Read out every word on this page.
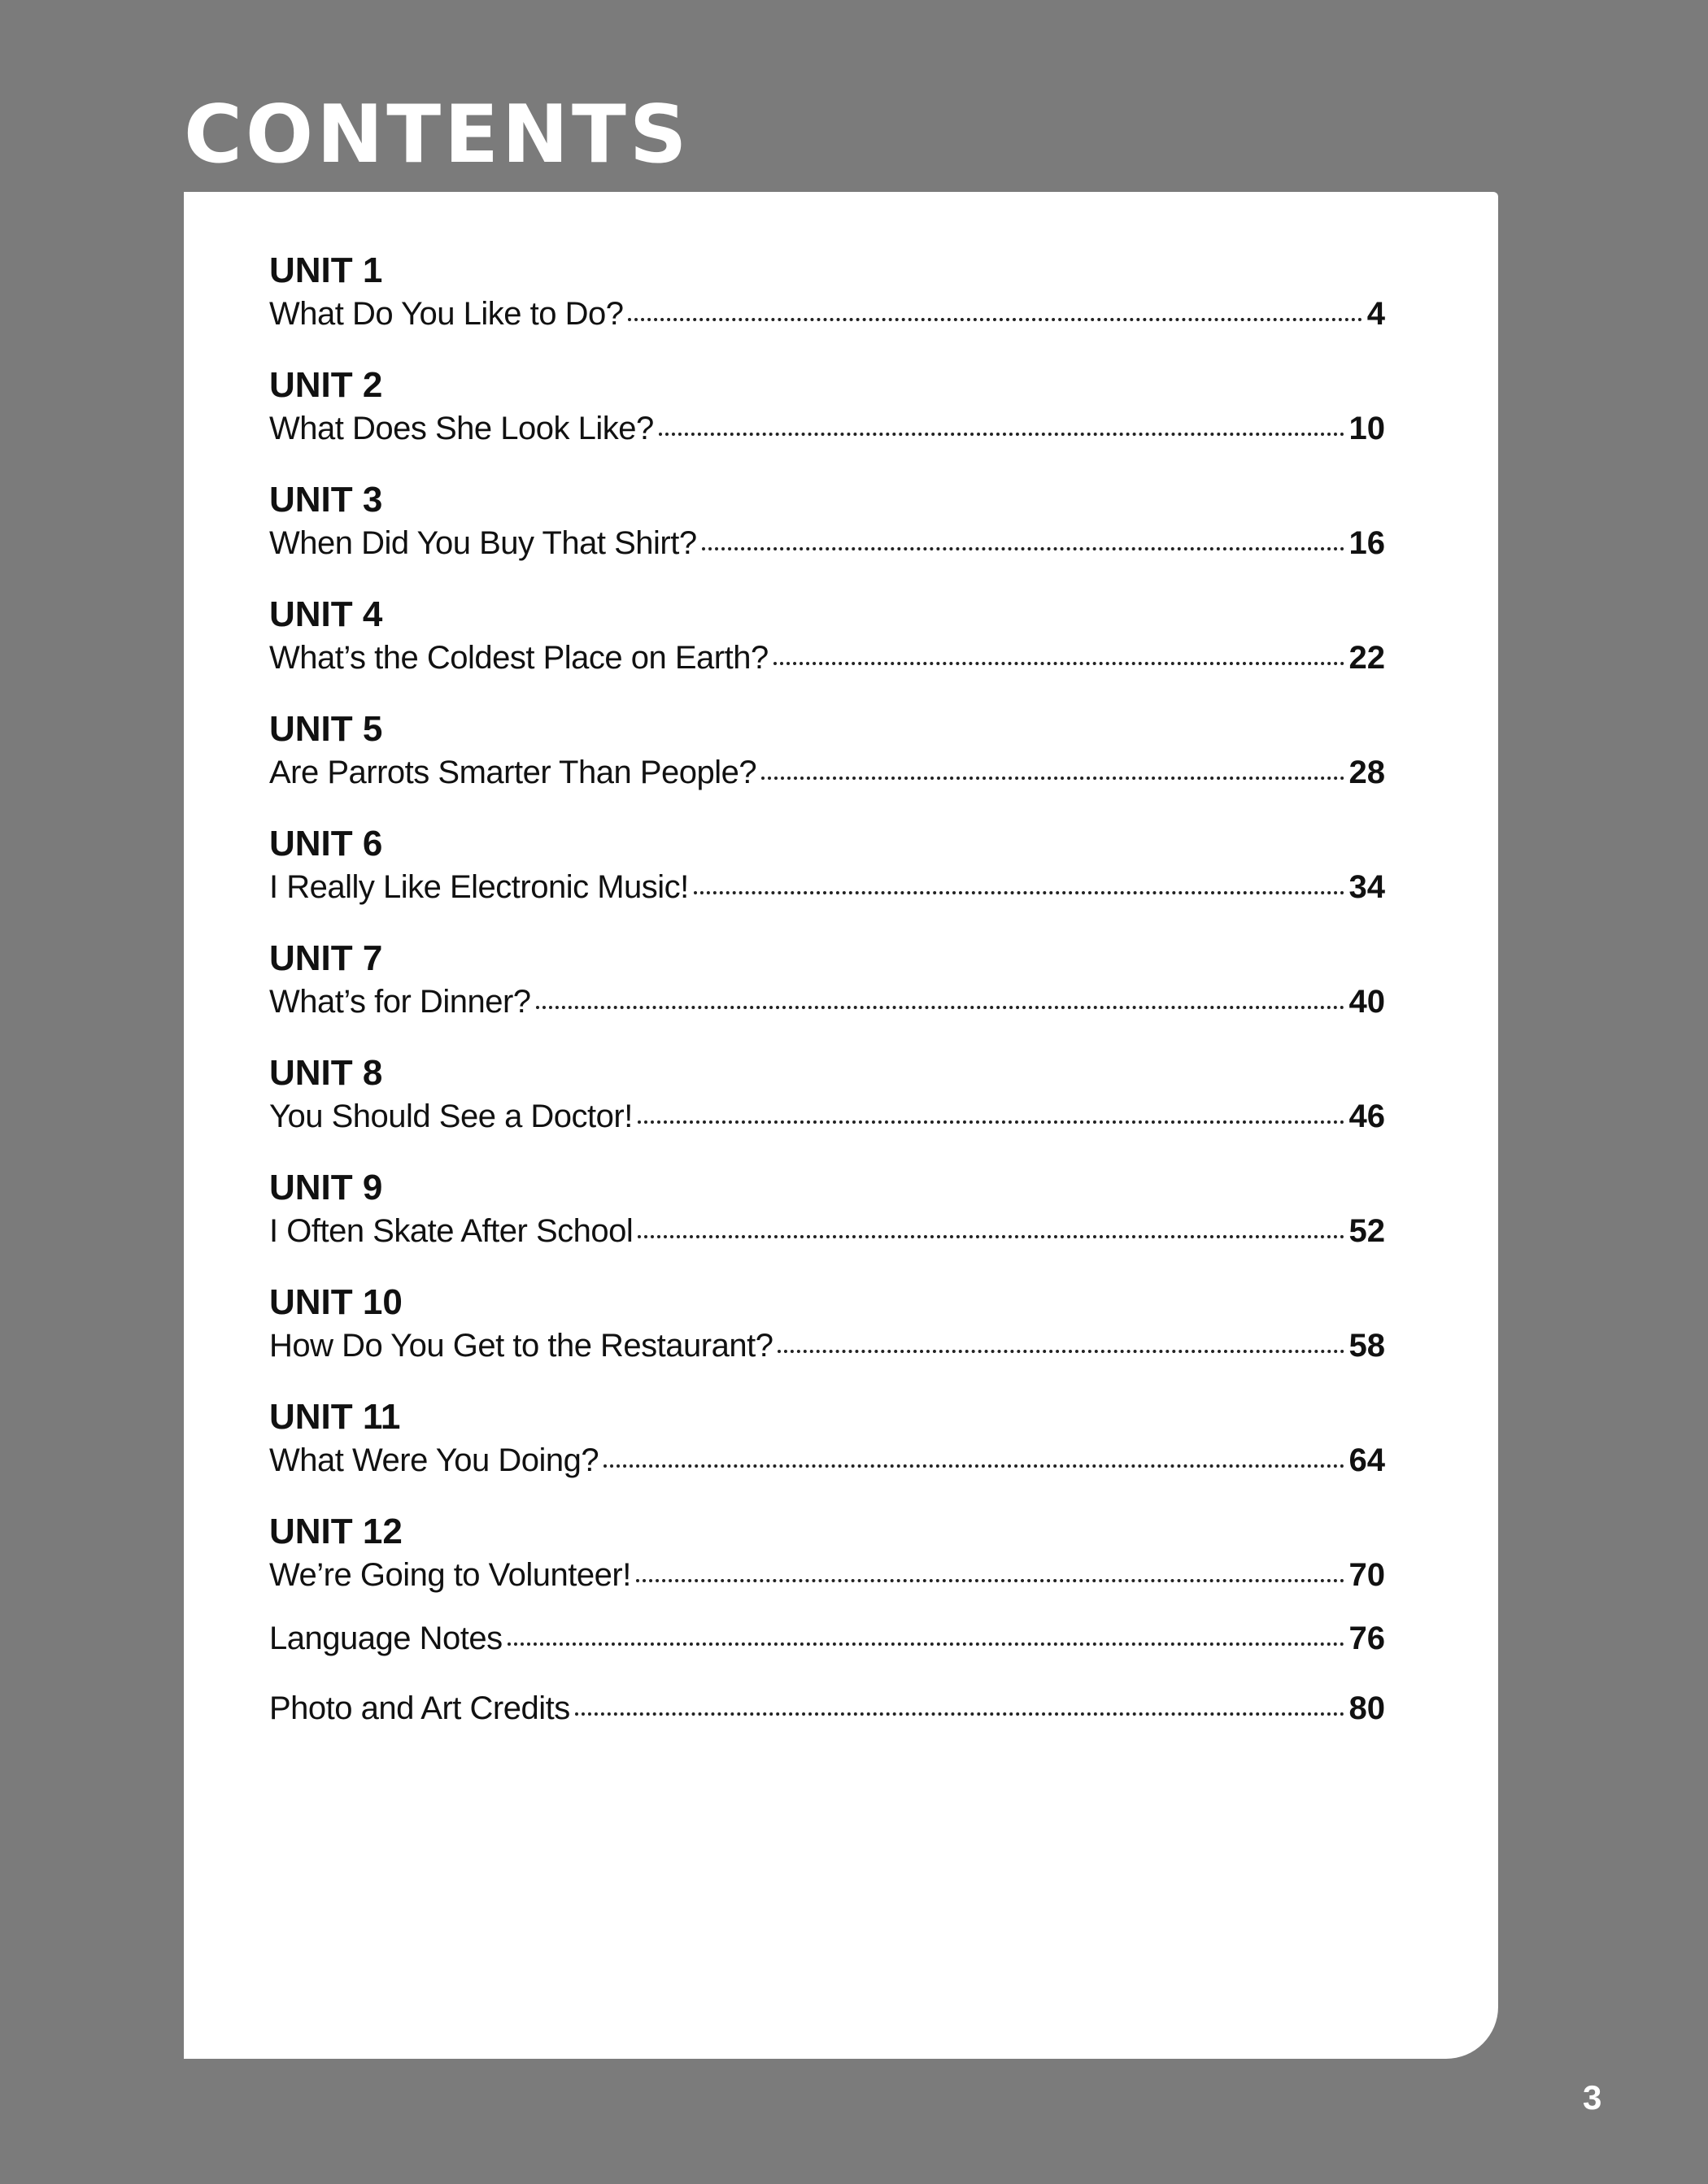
CONTENTS
UNIT 1
What Do You Like to Do?	4
UNIT 2
What Does She Look Like?	10
UNIT 3
When Did You Buy That Shirt?	16
UNIT 4
What’s the Coldest Place on Earth?	22
UNIT 5
Are Parrots Smarter Than People?	28
UNIT 6
I Really Like Electronic Music!	34
UNIT 7
What’s for Dinner?	40
UNIT 8
You Should See a Doctor!	46
UNIT 9
I Often Skate After School	52
UNIT 10
How Do You Get to the Restaurant?	58
UNIT 11
What Were You Doing?	64
UNIT 12
We’re Going to Volunteer!	70
Language Notes	76
Photo and Art Credits	80
3
